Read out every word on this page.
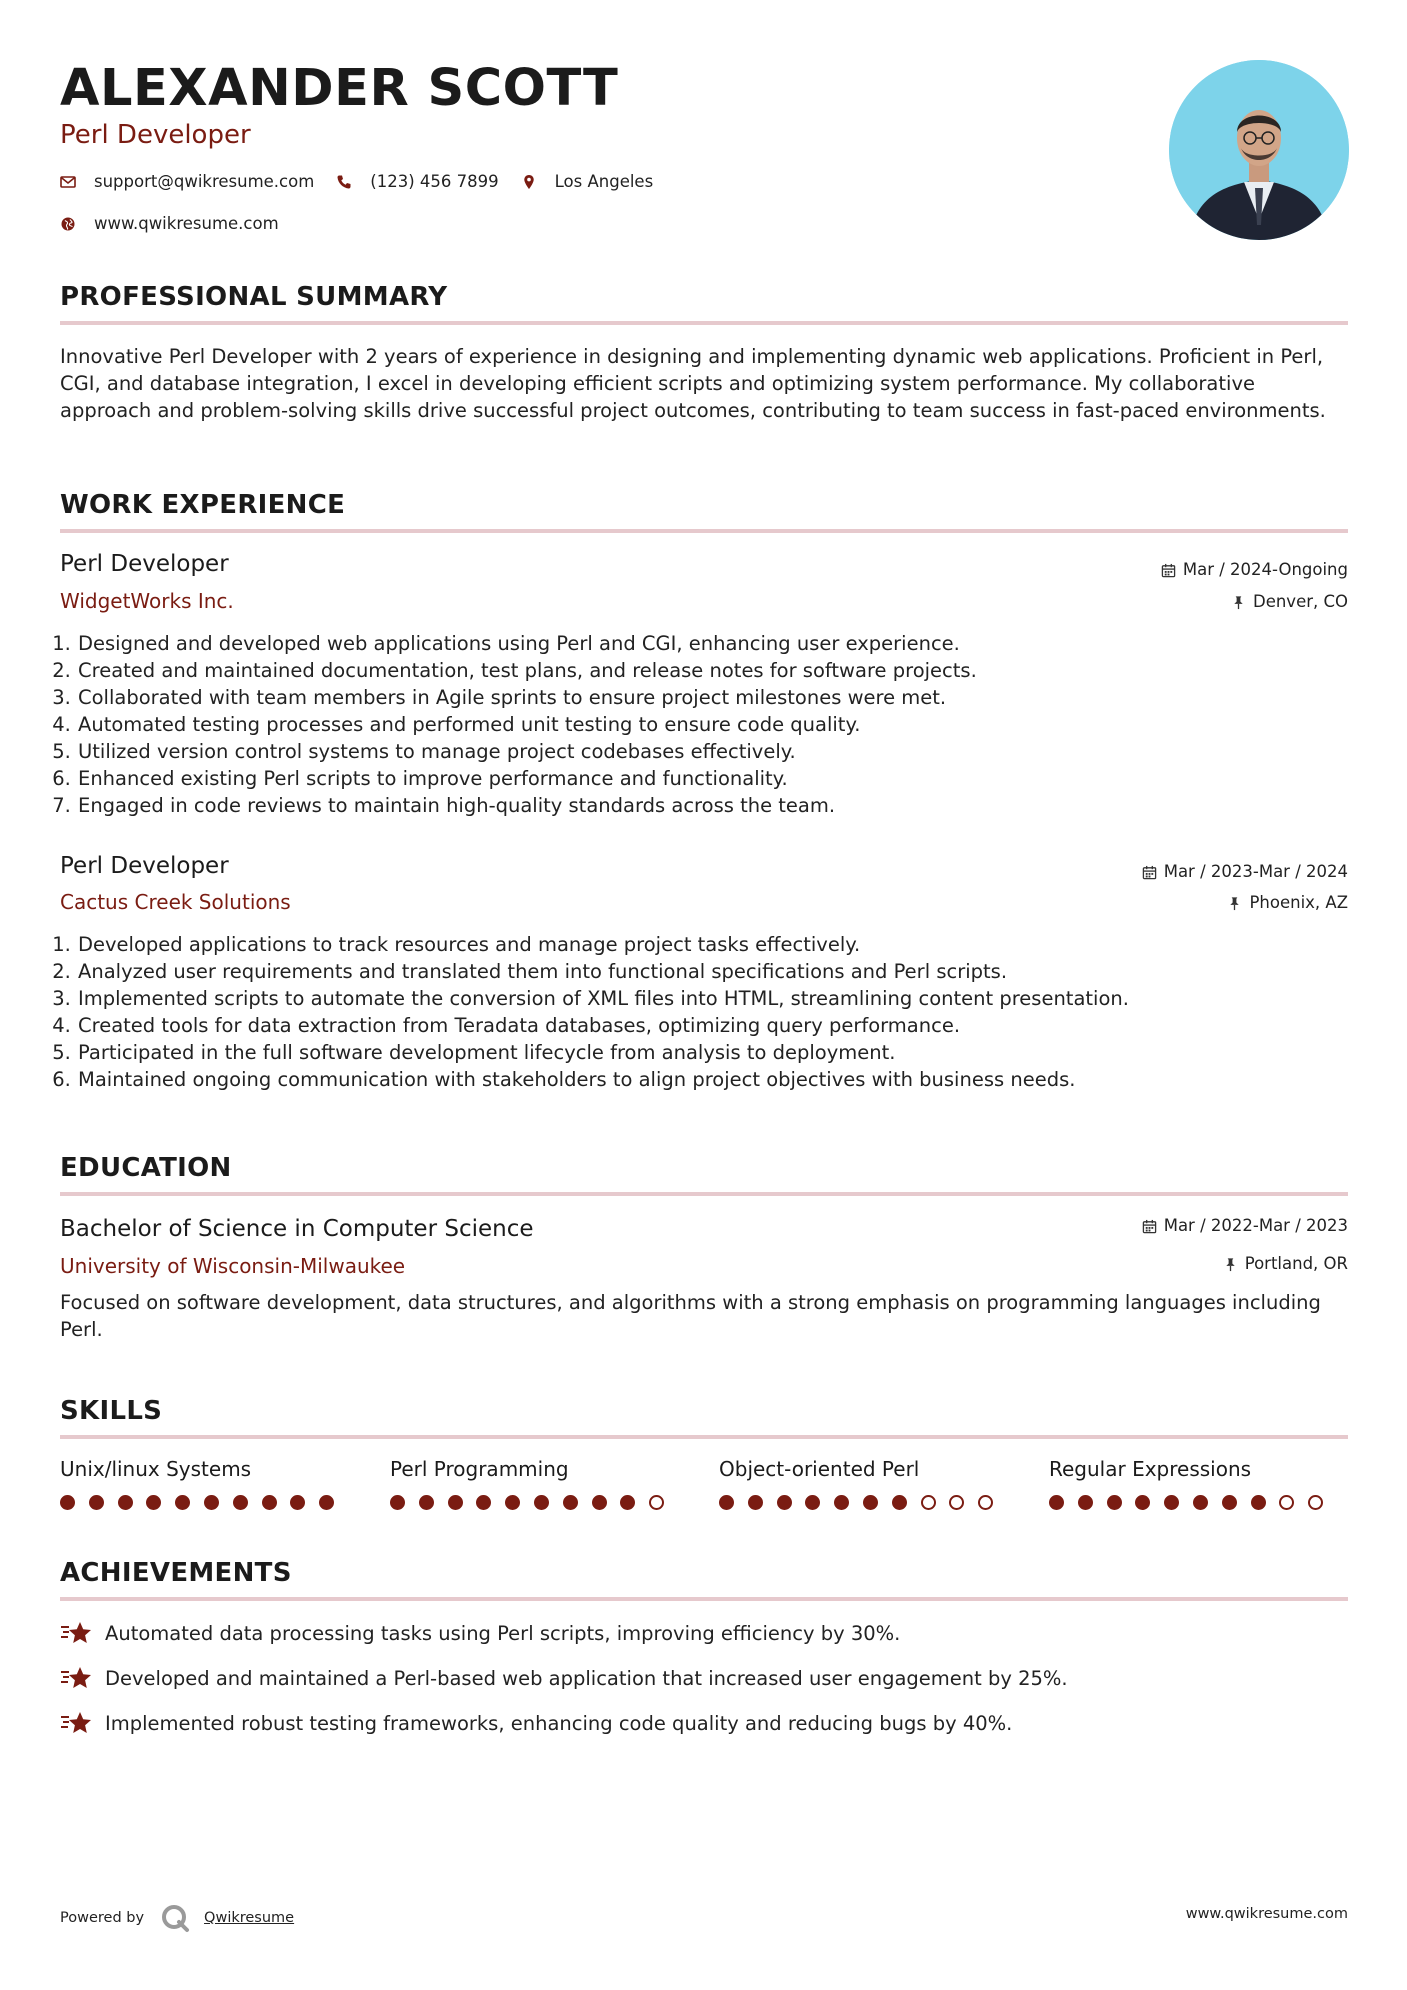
ALEXANDER SCOTT
Perl Developer
support@qwikresume.com	(123) 456 7899	Los Angeles
www.qwikresume.com
PROFESSIONAL SUMMARY

Innovative Perl Developer with 2 years of experience in designing and implementing dynamic web applications. Proficient in Perl, CGI, and database integration, I excel in developing efficient scripts and optimizing system performance. My collaborative approach and problem-solving skills drive successful project outcomes, contributing to team success in fast-paced environments.

WORK EXPERIENCE
Perl Developer	Mar / 2024-Ongoing
WidgetWorks Inc.	Denver, CO
1. Designed and developed web applications using Perl and CGI, enhancing user experience.
2. Created and maintained documentation, test plans, and release notes for software projects.
3. Collaborated with team members in Agile sprints to ensure project milestones were met.
4. Automated testing processes and performed unit testing to ensure code quality.
5. Utilized version control systems to manage project codebases effectively.
6. Enhanced existing Perl scripts to improve performance and functionality.
7. Engaged in code reviews to maintain high-quality standards across the team.
Perl Developer	Mar / 2023-Mar / 2024
Cactus Creek Solutions	Phoenix, AZ
1. Developed applications to track resources and manage project tasks effectively.
2. Analyzed user requirements and translated them into functional specifications and Perl scripts.
3. Implemented scripts to automate the conversion of XML files into HTML, streamlining content presentation.
4. Created tools for data extraction from Teradata databases, optimizing query performance.
5. Participated in the full software development lifecycle from analysis to deployment.
6. Maintained ongoing communication with stakeholders to align project objectives with business needs.
EDUCATION
Bachelor of Science in Computer Science	Mar / 2022-Mar / 2023
University of Wisconsin-Milwaukee	Portland, OR

Focused on software development, data structures, and algorithms with a strong emphasis on programming languages including Perl.

SKILLS
Unix/linux Systems	Perl Programming	Object-oriented Perl	Regular Expressions
ACHIEVEMENTS
Automated data processing tasks using Perl scripts, improving efficiency by 30%.
Developed and maintained a Perl-based web application that increased user engagement by 25%.
Implemented robust testing frameworks, enhancing code quality and reducing bugs by 40%.
Powered by	Qwikresume	www.qwikresume.com
